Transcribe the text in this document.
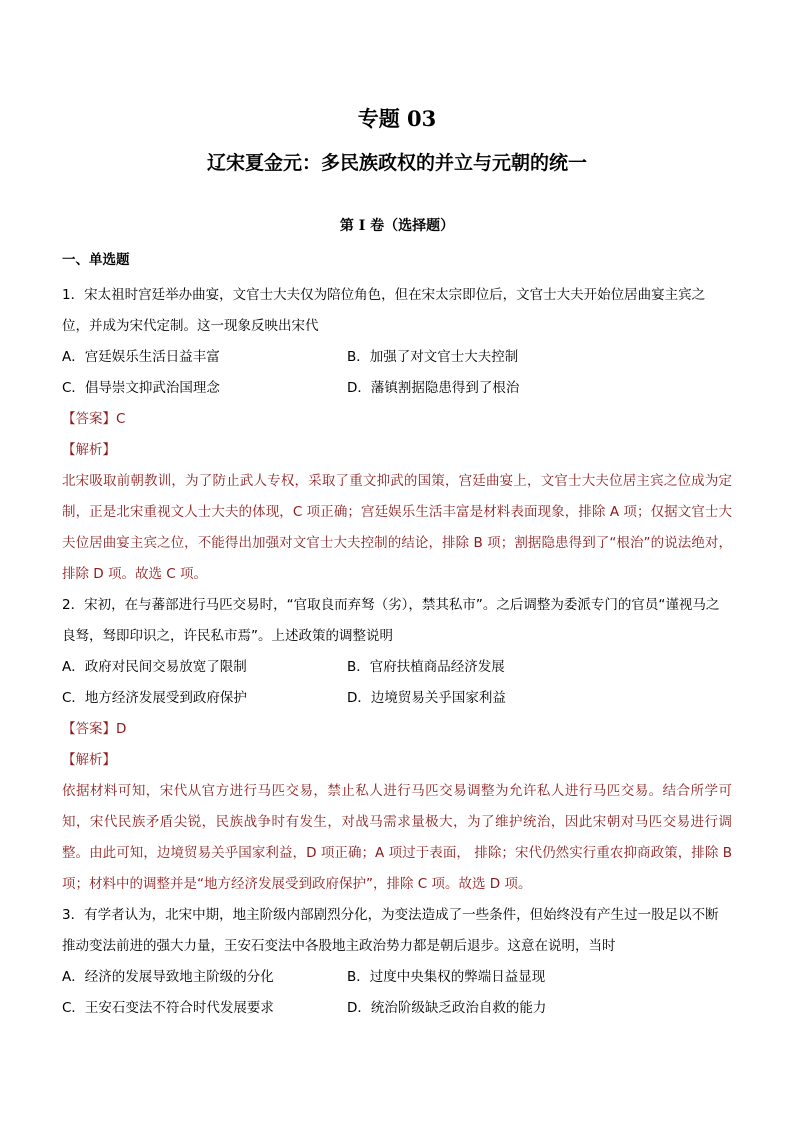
专题 03
辽宋夏金元：多民族政权的并立与元朝的统一
第 I 卷（选择题）
一、单选题

1．宋太祖时宫廷举办曲宴，文官士大夫仅为陪位角色，但在宋太宗即位后，文官士大夫开始位居曲宴主宾之位，并成为宋代定制。这一现象反映出宋代

A．宫廷娱乐生活日益丰富	B．加强了对文官士大夫控制
C．倡导崇文抑武治国理念	D．藩镇割据隐患得到了根治
【答案】C
【解析】

北宋吸取前朝教训，为了防止武人专权，采取了重文抑武的国策，宫廷曲宴上，文官士大夫位居主宾之位成为定制，正是北宋重视文人士大夫的体现，C 项正确；宫廷娱乐生活丰富是材料表面现象，排除 A 项；仅据文官士大夫位居曲宴主宾之位，不能得出加强对文官士大夫控制的结论，排除 B 项；割据隐患得到了“根治”的说法绝对，排除 D 项。故选 C 项。

2．宋初，在与蕃部进行马匹交易时，“官取良而弃驽（劣），禁其私市”。之后调整为委派专门的官员“谨视马之良驽，驽即印识之，许民私市焉”。上述政策的调整说明

A．政府对民间交易放宽了限制	B．官府扶植商品经济发展
C．地方经济发展受到政府保护	D．边境贸易关乎国家利益
【答案】D
【解析】

依据材料可知，宋代从官方进行马匹交易，禁止私人进行马匹交易调整为允许私人进行马匹交易。结合所学可知，宋代民族矛盾尖锐，民族战争时有发生，对战马需求量极大，为了维护统治，因此宋朝对马匹交易进行调整。由此可知，边境贸易关乎国家利益，D 项正确；A 项过于表面， 排除；宋代仍然实行重农抑商政策，排除 B 项；材料中的调整并是“地方经济发展受到政府保护”，排除 C 项。故选 D 项。

3．有学者认为，北宋中期，地主阶级内部剧烈分化，为变法造成了一些条件，但始终没有产生过一股足以不断推动变法前进的强大力量，王安石变法中各股地主政治势力都是朝后退步。这意在说明，当时

A．经济的发展导致地主阶级的分化	B．过度中央集权的弊端日益显现
C．王安石变法不符合时代发展要求	D．统治阶级缺乏政治自救的能力
